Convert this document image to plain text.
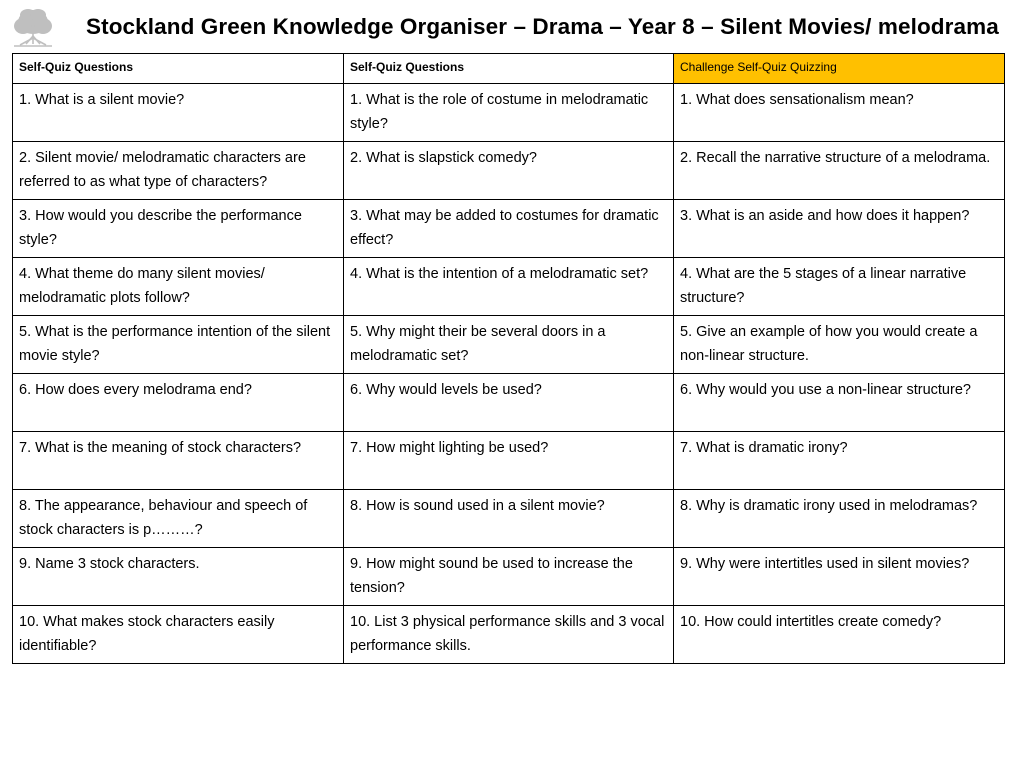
Stockland Green Knowledge Organiser – Drama – Year 8 – Silent Movies/ melodrama
Self-Quiz Questions	Self-Quiz Questions	Challenge Self-Quiz Quizzing
1. What is a silent movie?	1. What is the role of costume in melodramatic style?	1. What does sensationalism mean?
2. Silent movie/ melodramatic characters are referred to as what type of characters?	2. What is slapstick comedy?	2. Recall the narrative structure of a melodrama.
3. How would you describe the performance style?	3. What may be added to costumes for dramatic effect?	3. What is an aside and how does it happen?
4. What theme do many silent movies/ melodramatic plots follow?	4. What is the intention of a melodramatic set?	4. What are the 5 stages of a linear narrative structure?
5. What is the performance intention of the silent movie style?	5. Why might their be several doors in a melodramatic set?	5. Give an example of how you would create a non-linear structure.
6. How does every melodrama end?	6. Why would levels be used?	6. Why would you use a non-linear structure?
7. What is the meaning of stock characters?	7. How might lighting be used?	7. What is dramatic irony?
8. The appearance, behaviour and speech of stock characters is p………?	8. How is sound used in a silent movie?	8. Why is dramatic irony used in melodramas?
9. Name 3 stock characters.	9. How might sound be used to increase the tension?	9. Why were intertitles used in silent movies?
10. What makes stock characters easily identifiable?	10. List 3 physical performance skills and 3 vocal performance skills.	10. How could intertitles create comedy?
